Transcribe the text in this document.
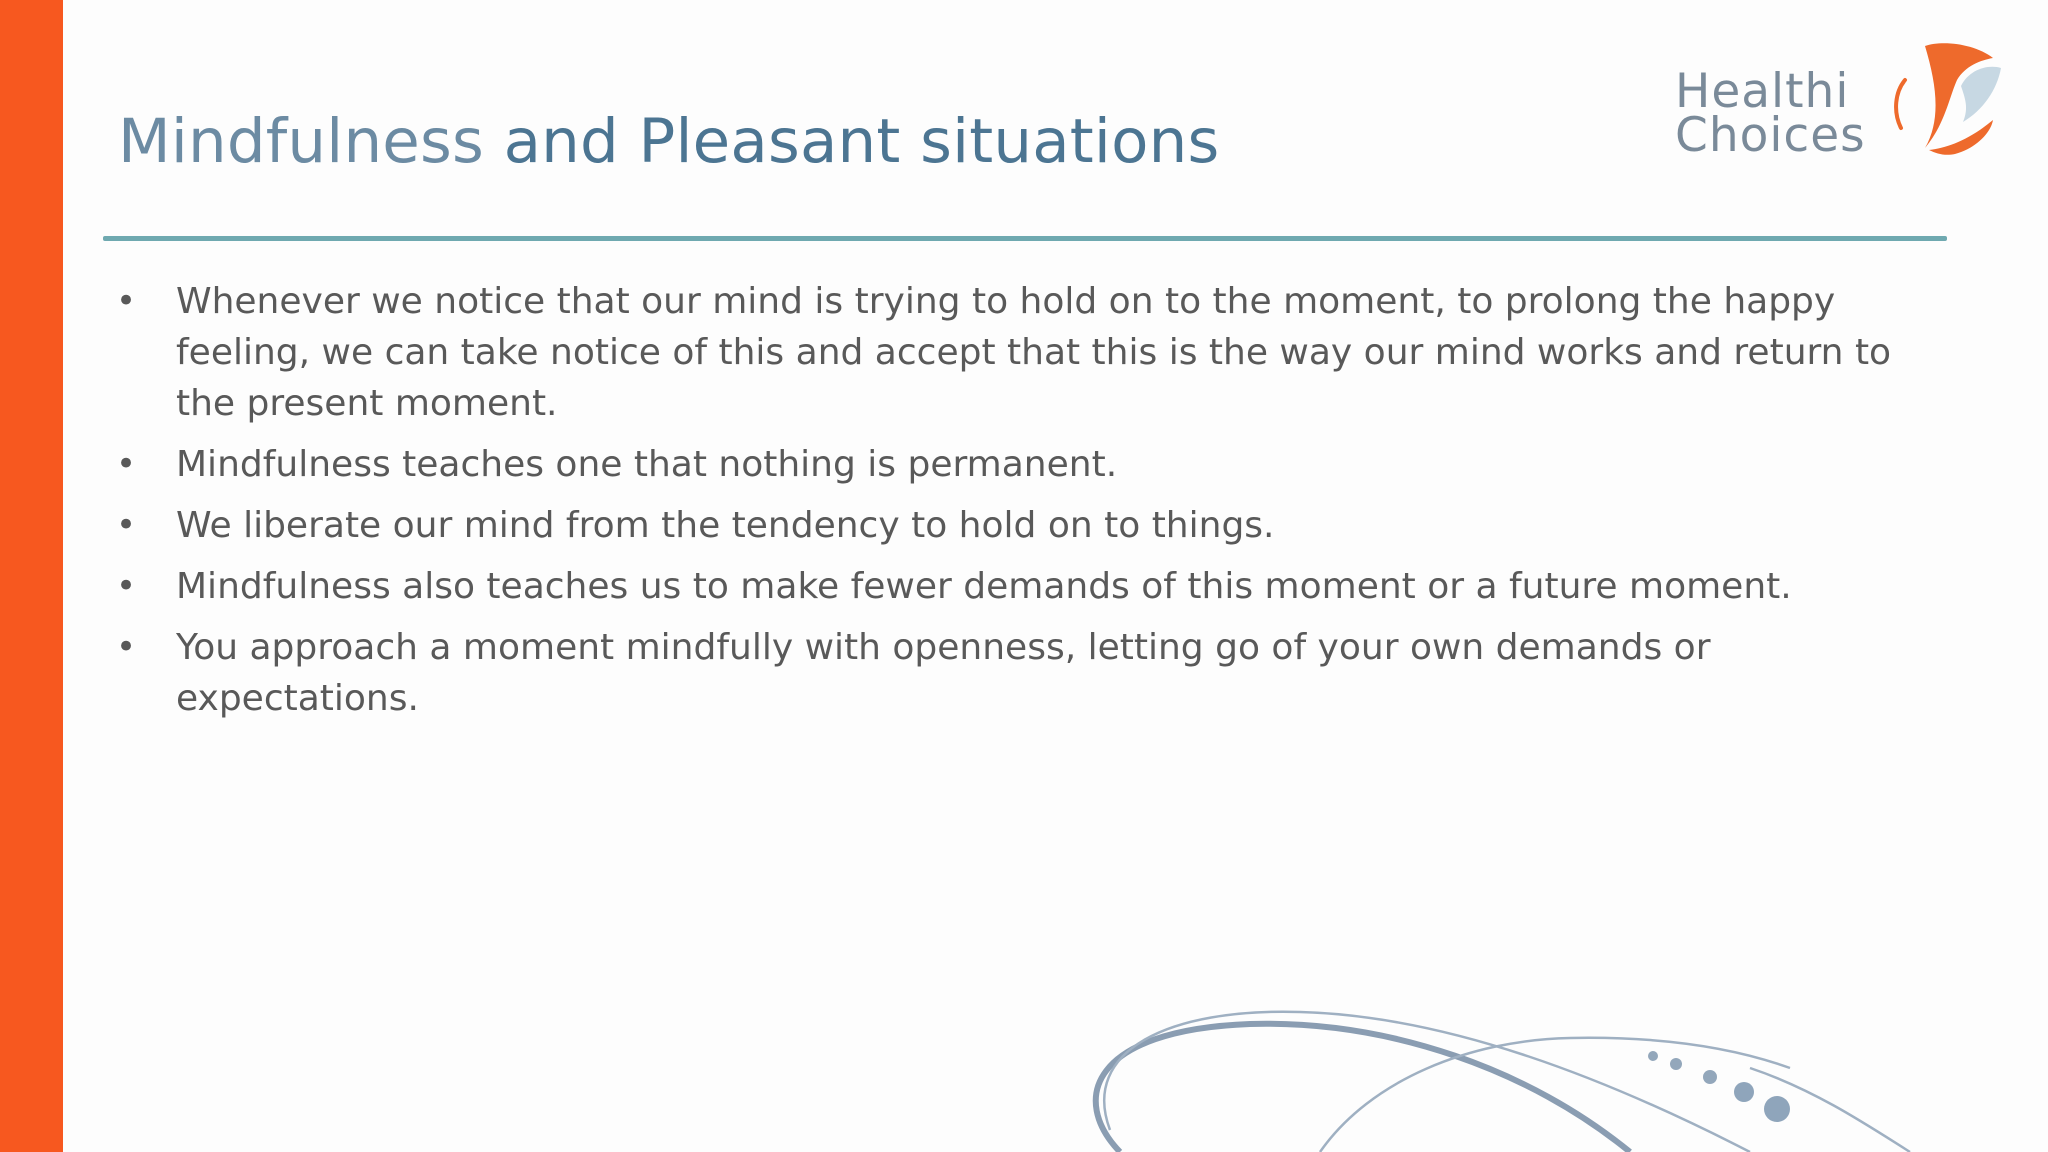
Mindfulness and Pleasant situations
Healthi
Choices
• Whenever we notice that our mind is trying to hold on to the moment, to prolong the happy feeling, we can take notice of this and accept that this is the way our mind works and return to the present moment.
• Mindfulness teaches one that nothing is permanent.
• We liberate our mind from the tendency to hold on to things.
• Mindfulness also teaches us to make fewer demands of this moment or a future moment.
• You approach a moment mindfully with openness, letting go of your own demands or expectations.
